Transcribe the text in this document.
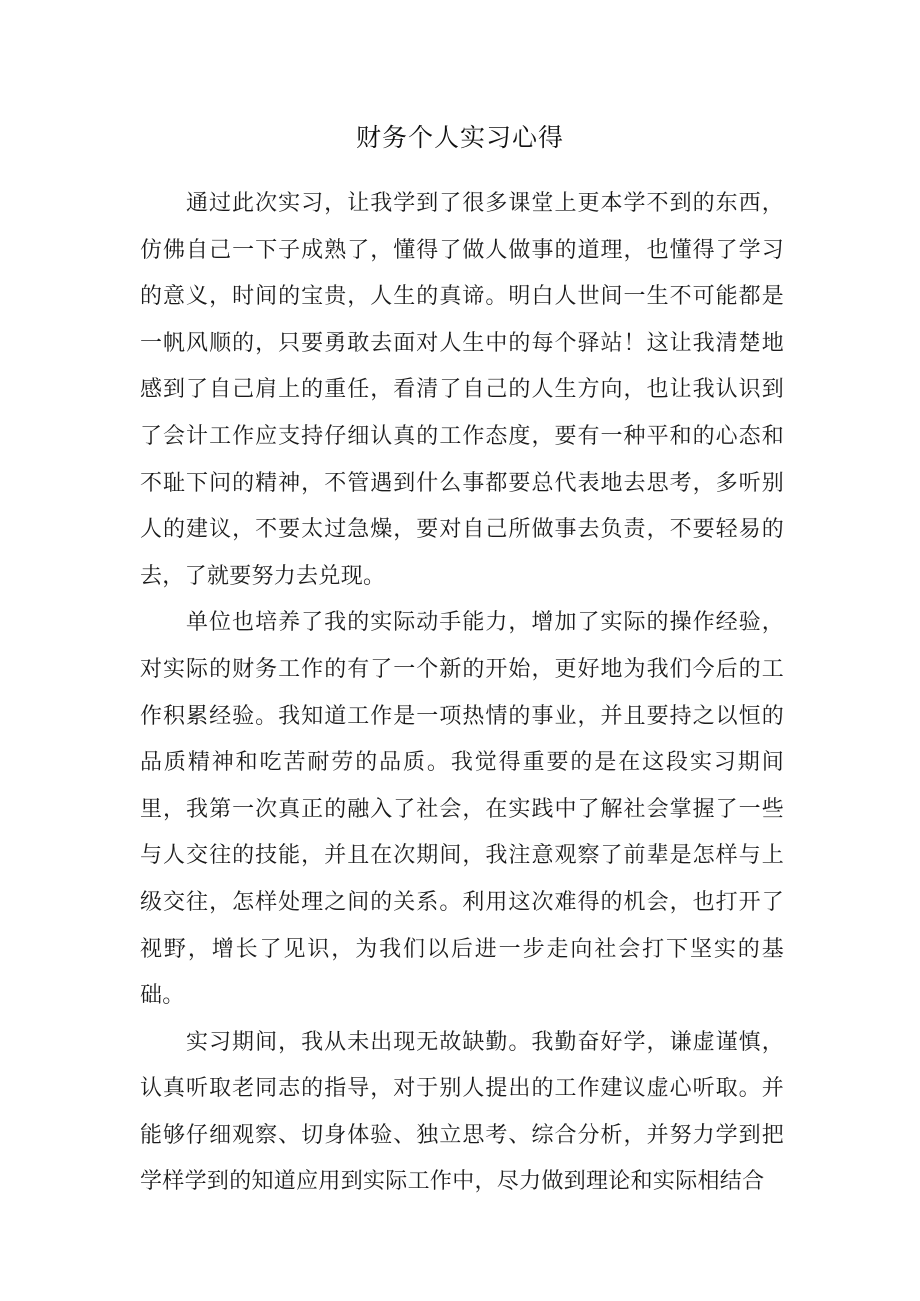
财务个人实习心得

通过此次实习，让我学到了很多课堂上更本学不到的东西，仿佛自己一下子成熟了，懂得了做人做事的道理，也懂得了学习的意义，时间的宝贵，人生的真谛。明白人世间一生不可能都是一帆风顺的，只要勇敢去面对人生中的每个驿站！这让我清楚地感到了自己肩上的重任，看清了自己的人生方向，也让我认识到了会计工作应支持仔细认真的工作态度，要有一种平和的心态和不耻下问的精神，不管遇到什么事都要总代表地去思考，多听别人的建议，不要太过急燥，要对自己所做事去负责，不要轻易的去，了就要努力去兑现。

单位也培养了我的实际动手能力，增加了实际的操作经验，对实际的财务工作的有了一个新的开始，更好地为我们今后的工作积累经验。我知道工作是一项热情的事业，并且要持之以恒的品质精神和吃苦耐劳的品质。我觉得重要的是在这段实习期间里，我第一次真正的融入了社会，在实践中了解社会掌握了一些与人交往的技能，并且在次期间，我注意观察了前辈是怎样与上级交往，怎样处理之间的关系。利用这次难得的机会，也打开了视野，增长了见识，为我们以后进一步走向社会打下坚实的基础。

实习期间，我从未出现无故缺勤。我勤奋好学，谦虚谨慎，认真听取老同志的指导，对于别人提出的工作建议虚心听取。并能够仔细观察、切身体验、独立思考、综合分析，并努力学到把学样学到的知道应用到实际工作中，尽力做到理论和实际相结合
